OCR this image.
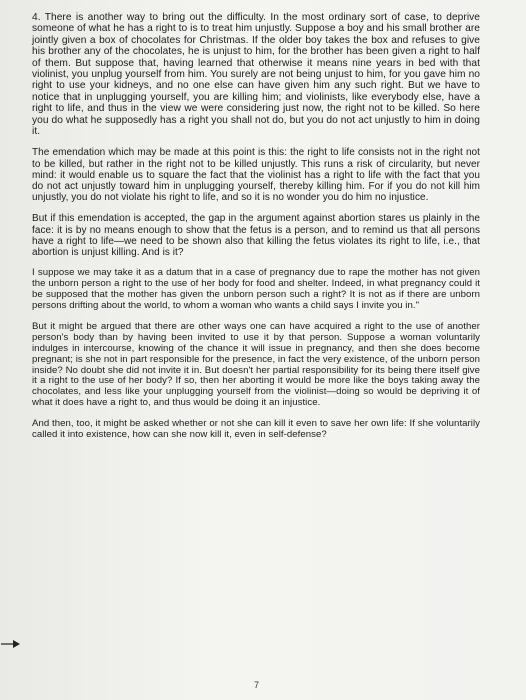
4. There is another way to bring out the difficulty. In the most ordinary sort of case, to deprive someone of what he has a right to is to treat him unjustly. Suppose a boy and his small brother are jointly given a box of chocolates for Christmas. If the older boy takes the box and refuses to give his brother any of the chocolates, he is unjust to him, for the brother has been given a right to half of them. But suppose that, having learned that otherwise it means nine years in bed with that violinist, you unplug yourself from him. You surely are not being unjust to him, for you gave him no right to use your kidneys, and no one else can have given him any such right. But we have to notice that in unplugging yourself, you are killing him; and violinists, like everybody else, have a right to life, and thus in the view we were considering just now, the right not to be killed. So here you do what he supposedly has a right you shall not do, but you do not act unjustly to him in doing it.

The emendation which may be made at this point is this: the right to life consists not in the right not to be killed, but rather in the right not to be killed unjustly. This runs a risk of circularity, but never mind: it would enable us to square the fact that the violinist has a right to life with the fact that you do not act unjustly toward him in unplugging yourself, thereby killing him. For if you do not kill him unjustly, you do not violate his right to life, and so it is no wonder you do him no injustice.

But if this emendation is accepted, the gap in the argument against abortion stares us plainly in the face: it is by no means enough to show that the fetus is a person, and to remind us that all persons have a right to life—we need to be shown also that killing the fetus violates its right to life, i.e., that abortion is unjust killing. And is it?

I suppose we may take it as a datum that in a case of pregnancy due to rape the mother has not given the unborn person a right to the use of her body for food and shelter. Indeed, in what pregnancy could it be supposed that the mother has given the unborn person such a right? It is not as if there are unborn persons drifting about the world, to whom a woman who wants a child says I invite you in."

But it might be argued that there are other ways one can have acquired a right to the use of another person's body than by having been invited to use it by that person. Suppose a woman voluntarily indulges in intercourse, knowing of the chance it will issue in pregnancy, and then she does become pregnant; is she not in part responsible for the presence, in fact the very existence, of the unborn person inside? No doubt she did not invite it in. But doesn't her partial responsibility for its being there itself give it a right to the use of her body? If so, then her aborting it would be more like the boys taking away the chocolates, and less like your unplugging yourself from the violinist—doing so would be depriving it of what it does have a right to, and thus would be doing it an injustice.

And then, too, it might be asked whether or not she can kill it even to save her own life: If she voluntarily called it into existence, how can she now kill it, even in self-defense?

7
